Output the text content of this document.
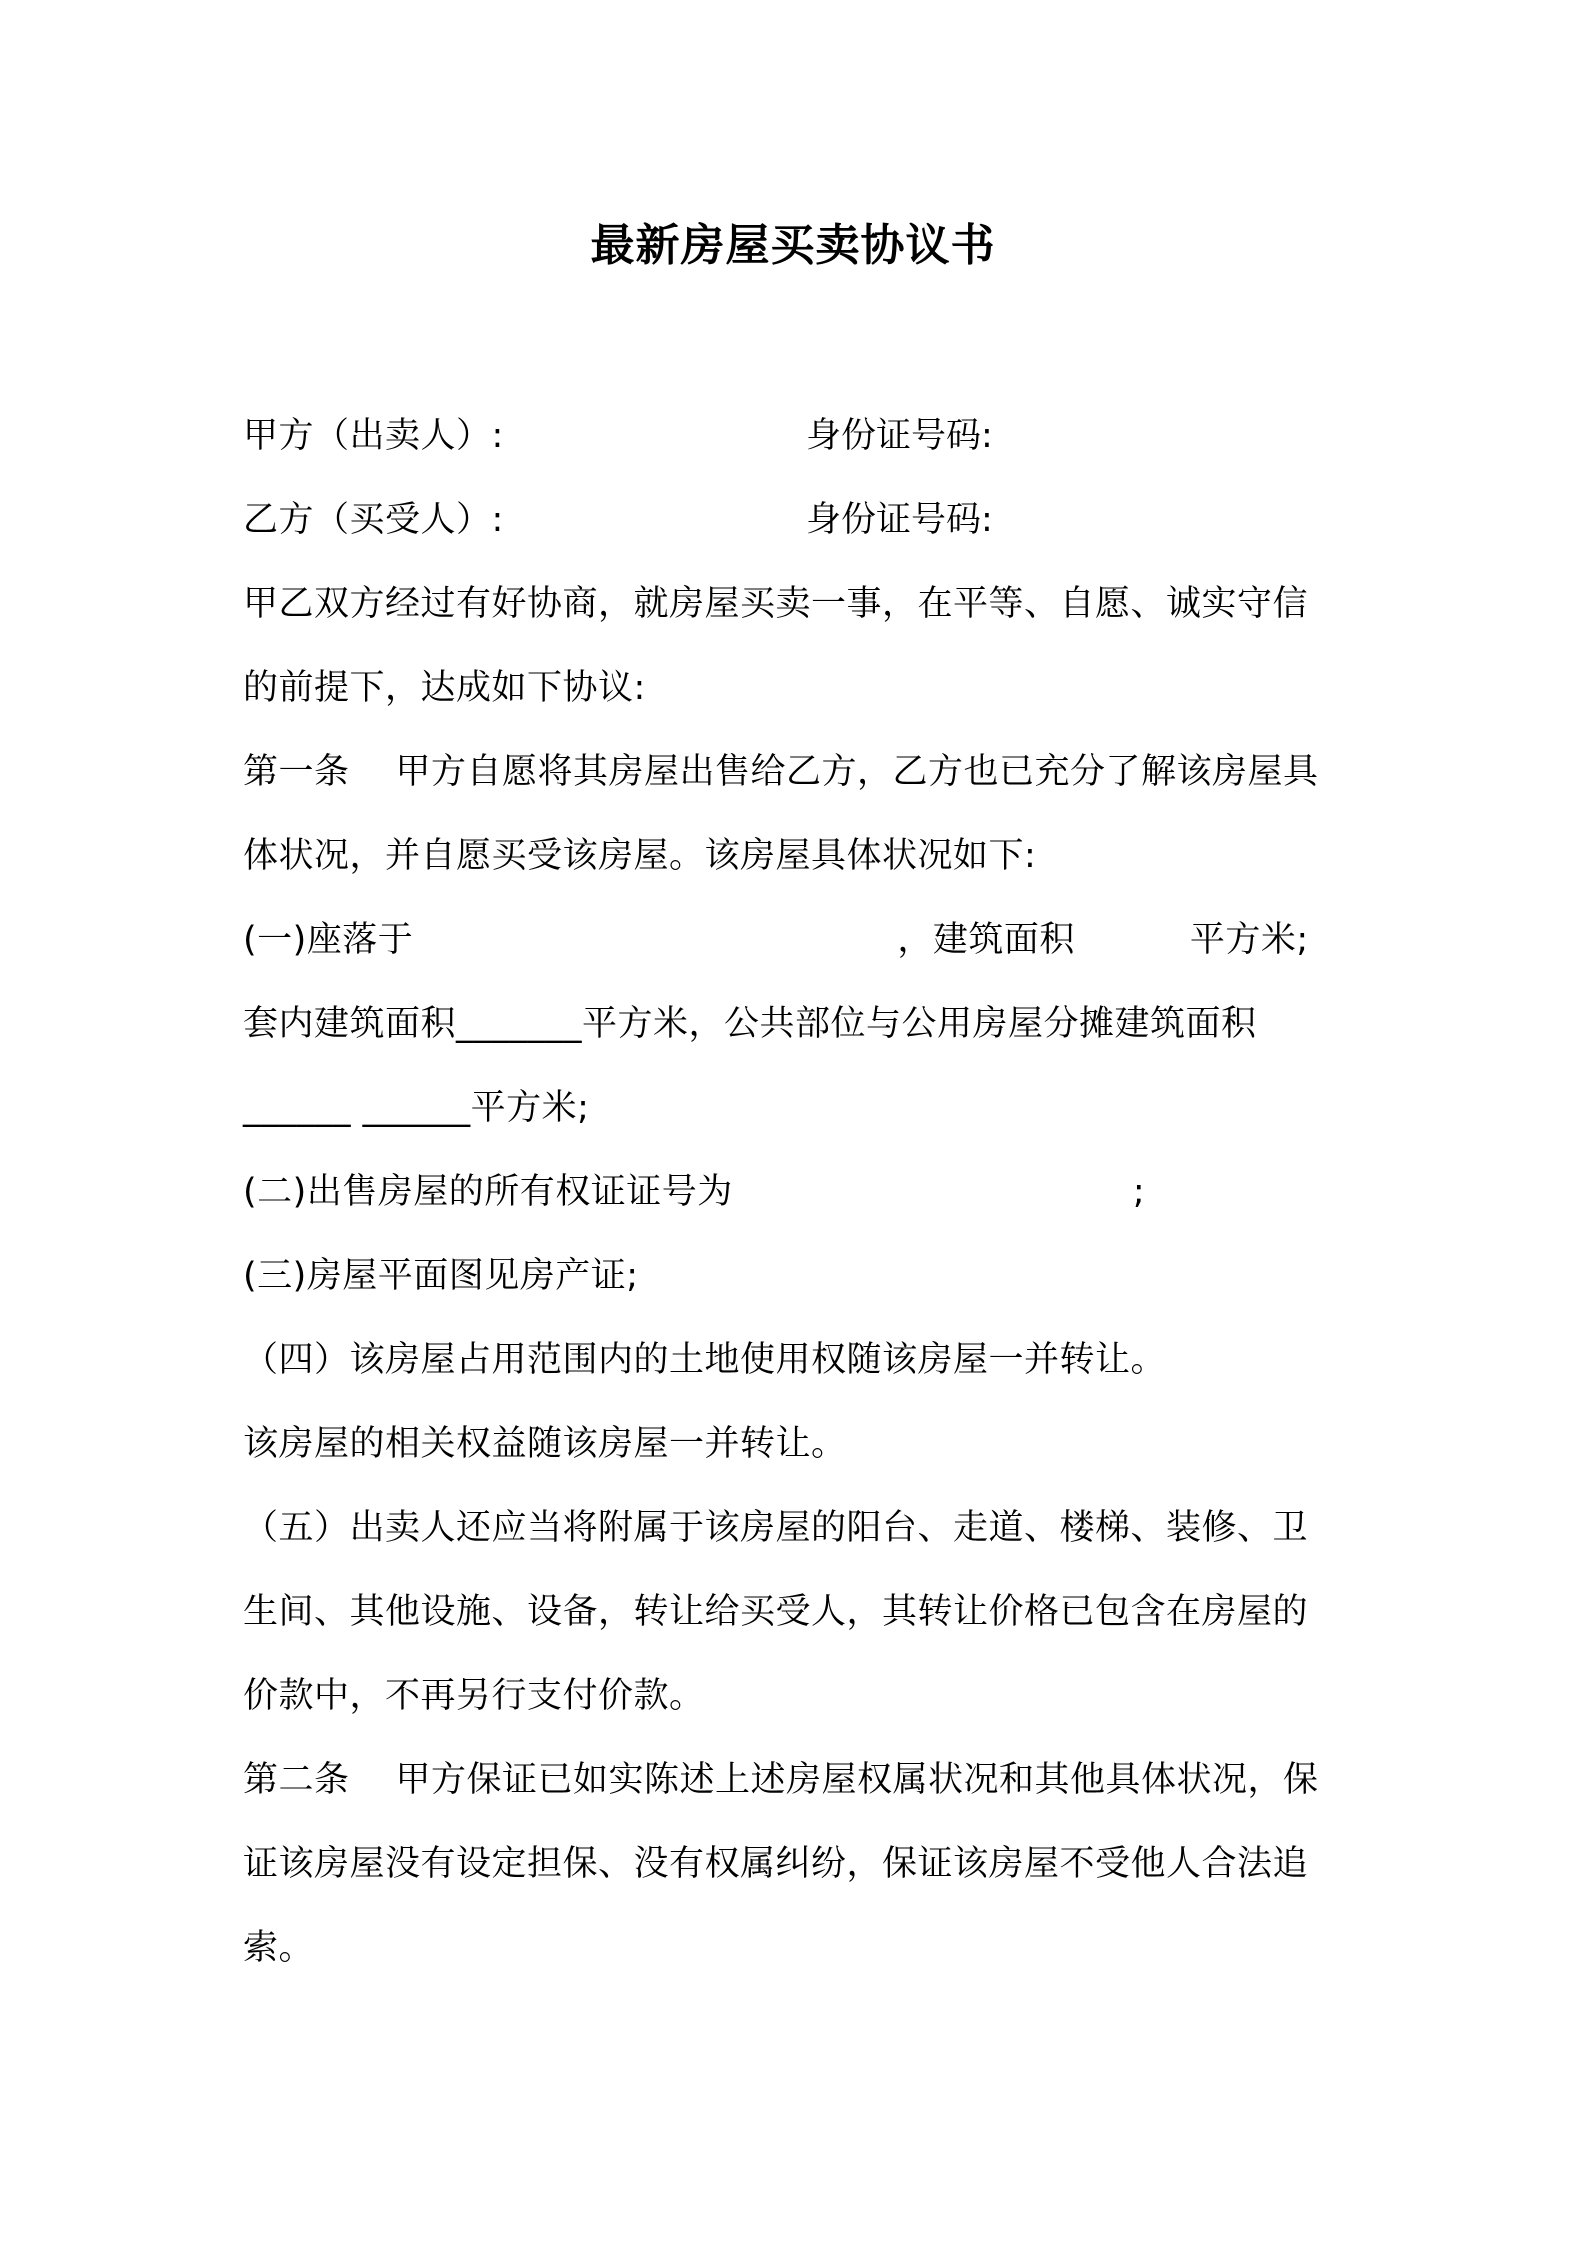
最新房屋买卖协议书
甲方（出卖人）:	身份证号码:
乙方（买受人）:	身份证号码:
甲乙双方经过有好协商，就房屋买卖一事，在平等、自愿、诚实守信
的前提下，达成如下协议:
第一条 甲方自愿将其房屋出售给乙方，乙方也已充分了解该房屋具
体状况，并自愿买受该房屋。该房屋具体状况如下:
(一)座落于	，建筑面积	平方米;
套内建筑面积_______平方米，公共部位与公用房屋分摊建筑面积
______ ______平方米;
(二)出售房屋的所有权证证号为	;
(三)房屋平面图见房产证;
（四）该房屋占用范围内的土地使用权随该房屋一并转让。
该房屋的相关权益随该房屋一并转让。
（五）出卖人还应当将附属于该房屋的阳台、走道、楼梯、装修、卫
生间、其他设施、设备，转让给买受人，其转让价格已包含在房屋的
价款中，不再另行支付价款。
第二条 甲方保证已如实陈述上述房屋权属状况和其他具体状况，保
证该房屋没有设定担保、没有权属纠纷，保证该房屋不受他人合法追
索。
